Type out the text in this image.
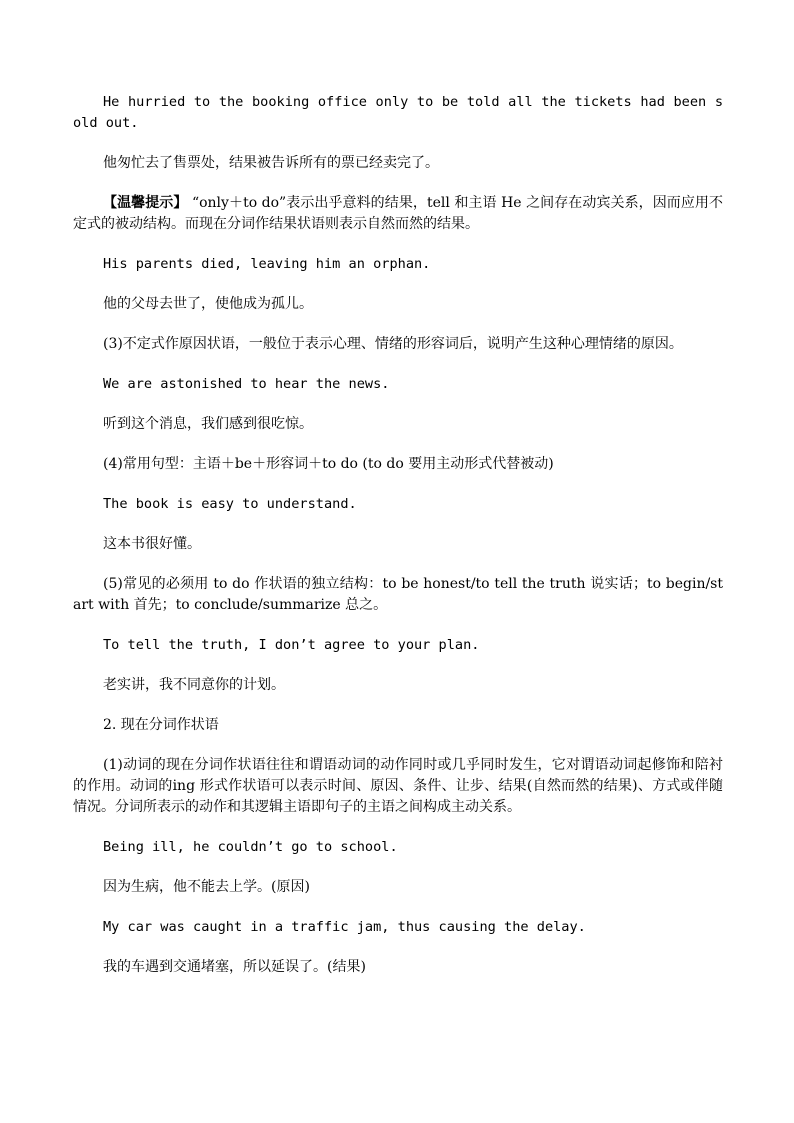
He hurried to the booking office only to be told all the tickets had been sold out.

他匆忙去了售票处，结果被告诉所有的票已经卖完了。

【温馨提示】 “only＋to do”表示出乎意料的结果，tell 和主语 He 之间存在动宾关系，因而应用不定式的被动结构。而现在分词作结果状语则表示自然而然的结果。

His parents died, leaving him an orphan.

他的父母去世了，使他成为孤儿。

(3)不定式作原因状语，一般位于表示心理、情绪的形容词后，说明产生这种心理情绪的原因。

We are astonished to hear the news.

听到这个消息，我们感到很吃惊。

(4)常用句型：主语＋be＋形容词＋to do (to do 要用主动形式代替被动)

The book is easy to understand.

这本书很好懂。

(5)常见的必须用 to do 作状语的独立结构：to be honest/to tell the truth 说实话；to begin/start with 首先；to conclude/summarize 总之。

To tell the truth, I don’t agree to your plan.

老实讲，我不同意你的计划。

2. 现在分词作状语

(1)动词的现在分词作状语往往和谓语动词的动作同时或几乎同时发生，它对谓语动词起修饰和陪衬的作用。动词的ing 形式作状语可以表示时间、原因、条件、让步、结果(自然而然的结果)、方式或伴随情况。分词所表示的动作和其逻辑主语即句子的主语之间构成主动关系。

Being ill, he couldn’t go to school.

因为生病，他不能去上学。(原因)

My car was caught in a traffic jam, thus causing the delay.

我的车遇到交通堵塞，所以延误了。(结果)
